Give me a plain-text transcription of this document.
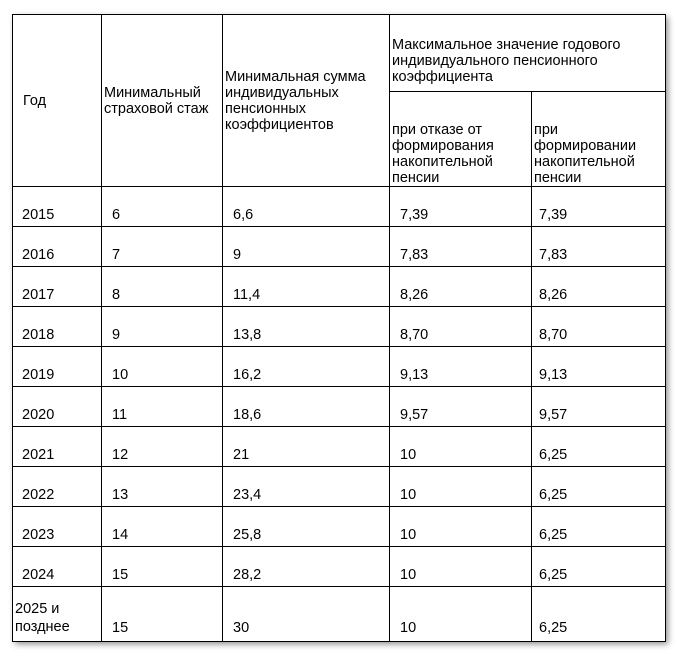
Год	Минимальный страховой стаж	Минимальная сумма индивидуальных пенсионных коэффициентов	Максимальное значение годового индивидуального пенсионного коэффициента	
			при отказе от формирования накопительной пенсии	при формировании накопительной пенсии
2015	6	6,6	7,39	7,39
2016	7	9	7,83	7,83
2017	8	11,4	8,26	8,26
2018	9	13,8	8,70	8,70
2019	10	16,2	9,13	9,13
2020	11	18,6	9,57	9,57
2021	12	21	10	6,25
2022	13	23,4	10	6,25
2023	14	25,8	10	6,25
2024	15	28,2	10	6,25
2025 и позднее	15	30	10	6,25
